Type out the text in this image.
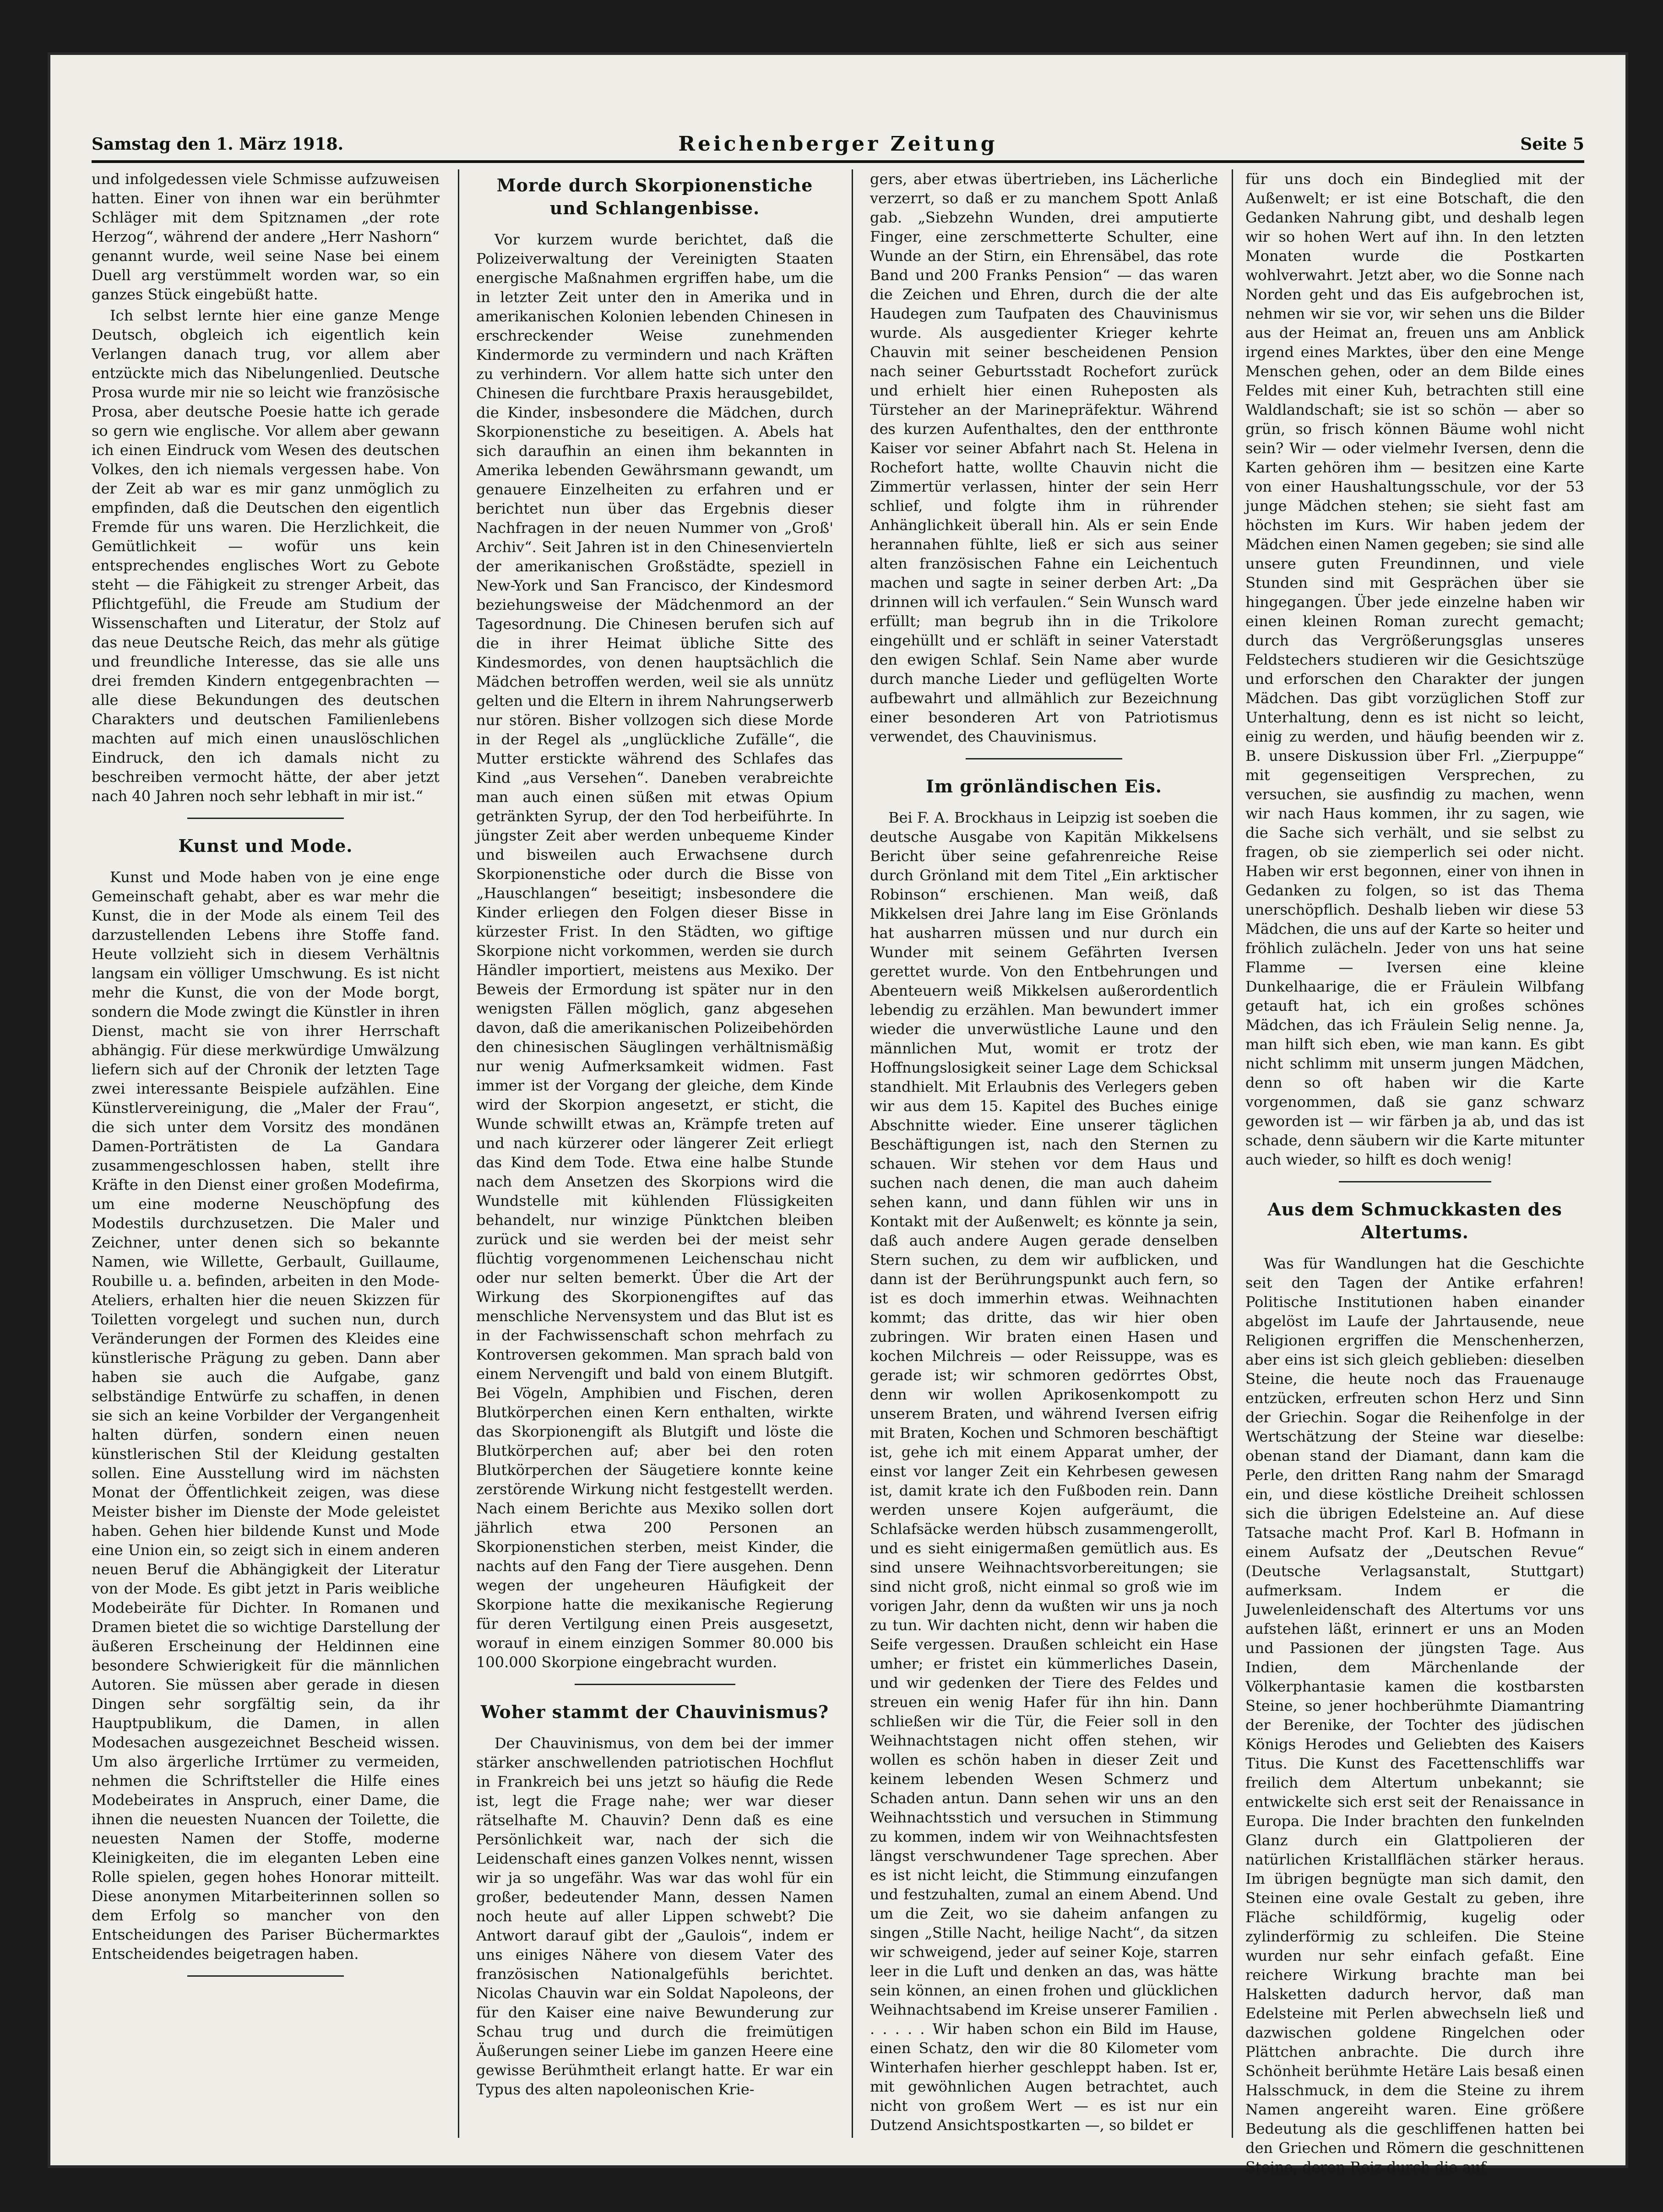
Samstag den 1. März 1918.	Reichenberger Zeitung	Seite 5

und infolgedessen viele Schmisse aufzuweisen hatten. Einer von ihnen war ein berühmter Schläger mit dem Spitznamen „der rote Herzog“, während der andere „Herr Nashorn“ genannt wurde, weil seine Nase bei einem Duell arg verstümmelt worden war, so ein ganzes Stück eingebüßt hatte.

Ich selbst lernte hier eine ganze Menge Deutsch, obgleich ich eigentlich kein Verlangen danach trug, vor allem aber entzückte mich das Nibelungenlied. Deutsche Prosa wurde mir nie so leicht wie französische Prosa, aber deutsche Poesie hatte ich gerade so gern wie englische. Vor allem aber gewann ich einen Eindruck vom Wesen des deutschen Volkes, den ich niemals vergessen habe. Von der Zeit ab war es mir ganz unmöglich zu empfinden, daß die Deutschen den eigentlich Fremde für uns waren. Die Herzlichkeit, die Gemütlichkeit — wofür uns kein entsprechendes englisches Wort zu Gebote steht — die Fähigkeit zu strenger Arbeit, das Pflichtgefühl, die Freude am Studium der Wissenschaften und Literatur, der Stolz auf das neue Deutsche Reich, das mehr als gütige und freundliche Interesse, das sie alle uns drei fremden Kindern entgegenbrachten — alle diese Bekundungen des deutschen Charakters und deutschen Familienlebens machten auf mich einen unauslöschlichen Eindruck, den ich damals nicht zu beschreiben vermocht hätte, der aber jetzt nach 40 Jahren noch sehr lebhaft in mir ist.“

Kunst und Mode.

Kunst und Mode haben von je eine enge Gemeinschaft gehabt, aber es war mehr die Kunst, die in der Mode als einem Teil des darzustellenden Lebens ihre Stoffe fand. Heute vollzieht sich in diesem Verhältnis langsam ein völliger Umschwung. Es ist nicht mehr die Kunst, die von der Mode borgt, sondern die Mode zwingt die Künstler in ihren Dienst, macht sie von ihrer Herrschaft abhängig. Für diese merkwürdige Umwälzung liefern sich auf der Chronik der letzten Tage zwei interessante Beispiele aufzählen. Eine Künstlervereinigung, die „Maler der Frau“, die sich unter dem Vorsitz des mondänen Damen-Porträtisten de La Gandara zusammengeschlossen haben, stellt ihre Kräfte in den Dienst einer großen Modefirma, um eine moderne Neuschöpfung des Modestils durchzusetzen. Die Maler und Zeichner, unter denen sich so bekannte Namen, wie Willette, Gerbault, Guillaume, Roubille u. a. befinden, arbeiten in den Mode-Ateliers, erhalten hier die neuen Skizzen für Toiletten vorgelegt und suchen nun, durch Veränderungen der Formen des Kleides eine künstlerische Prägung zu geben. Dann aber haben sie auch die Aufgabe, ganz selbständige Entwürfe zu schaffen, in denen sie sich an keine Vorbilder der Vergangenheit halten dürfen, sondern einen neuen künstlerischen Stil der Kleidung gestalten sollen. Eine Ausstellung wird im nächsten Monat der Öffentlichkeit zeigen, was diese Meister bisher im Dienste der Mode geleistet haben. Gehen hier bildende Kunst und Mode eine Union ein, so zeigt sich in einem anderen neuen Beruf die Abhängigkeit der Literatur von der Mode. Es gibt jetzt in Paris weibliche Modebeiräte für Dichter. In Romanen und Dramen bietet die so wichtige Darstellung der äußeren Erscheinung der Heldinnen eine besondere Schwierigkeit für die männlichen Autoren. Sie müssen aber gerade in diesen Dingen sehr sorgfältig sein, da ihr Hauptpublikum, die Damen, in allen Modesachen ausgezeichnet Bescheid wissen. Um also ärgerliche Irrtümer zu vermeiden, nehmen die Schriftsteller die Hilfe eines Modebeirates in Anspruch, einer Dame, die ihnen die neuesten Nuancen der Toilette, die neuesten Namen der Stoffe, moderne Kleinigkeiten, die im eleganten Leben eine Rolle spielen, gegen hohes Honorar mitteilt. Diese anonymen Mitarbeiterinnen sollen so dem Erfolg so mancher von den Entscheidungen des Pariser Büchermarktes Entscheidendes beigetragen haben.

Morde durch Skorpionenstiche
und Schlangenbisse.

Vor kurzem wurde berichtet, daß die Polizeiverwaltung der Vereinigten Staaten energische Maßnahmen ergriffen habe, um die in letzter Zeit unter den in Amerika und in amerikanischen Kolonien lebenden Chinesen in erschreckender Weise zunehmenden Kindermorde zu vermindern und nach Kräften zu verhindern. Vor allem hatte sich unter den Chinesen die furchtbare Praxis herausgebildet, die Kinder, insbesondere die Mädchen, durch Skorpionenstiche zu beseitigen. A. Abels hat sich daraufhin an einen ihm bekannten in Amerika lebenden Gewährsmann gewandt, um genauere Einzelheiten zu erfahren und er berichtet nun über das Ergebnis dieser Nachfragen in der neuen Nummer von „Groß' Archiv“. Seit Jahren ist in den Chinesenvierteln der amerikanischen Großstädte, speziell in New-York und San Francisco, der Kindesmord beziehungsweise der Mädchenmord an der Tagesordnung. Die Chinesen berufen sich auf die in ihrer Heimat übliche Sitte des Kindesmordes, von denen hauptsächlich die Mädchen betroffen werden, weil sie als unnütz gelten und die Eltern in ihrem Nahrungserwerb nur stören. Bisher vollzogen sich diese Morde in der Regel als „unglückliche Zufälle“, die Mutter erstickte während des Schlafes das Kind „aus Versehen“. Daneben verabreichte man auch einen süßen mit etwas Opium getränkten Syrup, der den Tod herbeiführte. In jüngster Zeit aber werden unbequeme Kinder und bisweilen auch Erwachsene durch Skorpionenstiche oder durch die Bisse von „Hauschlangen“ beseitigt; insbesondere die Kinder erliegen den Folgen dieser Bisse in kürzester Frist. In den Städten, wo giftige Skorpione nicht vorkommen, werden sie durch Händler importiert, meistens aus Mexiko. Der Beweis der Ermordung ist später nur in den wenigsten Fällen möglich, ganz abgesehen davon, daß die amerikanischen Polizeibehörden den chinesischen Säuglingen verhältnismäßig nur wenig Aufmerksamkeit widmen. Fast immer ist der Vorgang der gleiche, dem Kinde wird der Skorpion angesetzt, er sticht, die Wunde schwillt etwas an, Krämpfe treten auf und nach kürzerer oder längerer Zeit erliegt das Kind dem Tode. Etwa eine halbe Stunde nach dem Ansetzen des Skorpions wird die Wundstelle mit kühlenden Flüssigkeiten behandelt, nur winzige Pünktchen bleiben zurück und sie werden bei der meist sehr flüchtig vorgenommenen Leichenschau nicht oder nur selten bemerkt. Über die Art der Wirkung des Skorpionengiftes auf das menschliche Nervensystem und das Blut ist es in der Fachwissenschaft schon mehrfach zu Kontroversen gekommen. Man sprach bald von einem Nervengift und bald von einem Blutgift. Bei Vögeln, Amphibien und Fischen, deren Blutkörperchen einen Kern enthalten, wirkte das Skorpionengift als Blutgift und löste die Blutkörperchen auf; aber bei den roten Blutkörperchen der Säugetiere konnte keine zerstörende Wirkung nicht festgestellt werden. Nach einem Berichte aus Mexiko sollen dort jährlich etwa 200 Personen an Skorpionenstichen sterben, meist Kinder, die nachts auf den Fang der Tiere ausgehen. Denn wegen der ungeheuren Häufigkeit der Skorpione hatte die mexikanische Regierung für deren Vertilgung einen Preis ausgesetzt, worauf in einem einzigen Sommer 80.000 bis 100.000 Skorpione eingebracht wurden.

Woher stammt der Chauvinismus?

Der Chauvinismus, von dem bei der immer stärker anschwellenden patriotischen Hochflut in Frankreich bei uns jetzt so häufig die Rede ist, legt die Frage nahe; wer war dieser rätselhafte M. Chauvin? Denn daß es eine Persönlichkeit war, nach der sich die Leidenschaft eines ganzen Volkes nennt, wissen wir ja so ungefähr. Was war das wohl für ein großer, bedeutender Mann, dessen Namen noch heute auf aller Lippen schwebt? Die Antwort darauf gibt der „Gaulois“, indem er uns einiges Nähere von diesem Vater des französischen Nationalgefühls berichtet. Nicolas Chauvin war ein Soldat Napoleons, der für den Kaiser eine naive Bewunderung zur Schau trug und durch die freimütigen Äußerungen seiner Liebe im ganzen Heere eine gewisse Berühmtheit erlangt hatte. Er war ein Typus des alten napoleonischen Krie-

gers, aber etwas übertrieben, ins Lächerliche verzerrt, so daß er zu manchem Spott Anlaß gab. „Siebzehn Wunden, drei amputierte Finger, eine zerschmetterte Schulter, eine Wunde an der Stirn, ein Ehrensäbel, das rote Band und 200 Franks Pension“ — das waren die Zeichen und Ehren, durch die der alte Haudegen zum Taufpaten des Chauvinismus wurde. Als ausgedienter Krieger kehrte Chauvin mit seiner bescheidenen Pension nach seiner Geburtsstadt Rochefort zurück und erhielt hier einen Ruheposten als Türsteher an der Marinepräfektur. Während des kurzen Aufenthaltes, den der entthronte Kaiser vor seiner Abfahrt nach St. Helena in Rochefort hatte, wollte Chauvin nicht die Zimmertür verlassen, hinter der sein Herr schlief, und folgte ihm in rührender Anhänglichkeit überall hin. Als er sein Ende herannahen fühlte, ließ er sich aus seiner alten französischen Fahne ein Leichentuch machen und sagte in seiner derben Art: „Da drinnen will ich verfaulen.“ Sein Wunsch ward erfüllt; man begrub ihn in die Trikolore eingehüllt und er schläft in seiner Vaterstadt den ewigen Schlaf. Sein Name aber wurde durch manche Lieder und geflügelten Worte aufbewahrt und allmählich zur Bezeichnung einer besonderen Art von Patriotismus verwendet, des Chauvinismus.

Im grönländischen Eis.

Bei F. A. Brockhaus in Leipzig ist soeben die deutsche Ausgabe von Kapitän Mikkelsens Bericht über seine gefahrenreiche Reise durch Grönland mit dem Titel „Ein arktischer Robinson“ erschienen. Man weiß, daß Mikkelsen drei Jahre lang im Eise Grönlands hat ausharren müssen und nur durch ein Wunder mit seinem Gefährten Iversen gerettet wurde. Von den Entbehrungen und Abenteuern weiß Mikkelsen außerordentlich lebendig zu erzählen. Man bewundert immer wieder die unverwüstliche Laune und den männlichen Mut, womit er trotz der Hoffnungslosigkeit seiner Lage dem Schicksal standhielt. Mit Erlaubnis des Verlegers geben wir aus dem 15. Kapitel des Buches einige Abschnitte wieder. Eine unserer täglichen Beschäftigungen ist, nach den Sternen zu schauen. Wir stehen vor dem Haus und suchen nach denen, die man auch daheim sehen kann, und dann fühlen wir uns in Kontakt mit der Außenwelt; es könnte ja sein, daß auch andere Augen gerade denselben Stern suchen, zu dem wir aufblicken, und dann ist der Berührungspunkt auch fern, so ist es doch immerhin etwas. Weihnachten kommt; das dritte, das wir hier oben zubringen. Wir braten einen Hasen und kochen Milchreis — oder Reissuppe, was es gerade ist; wir schmoren gedörrtes Obst, denn wir wollen Aprikosenkompott zu unserem Braten, und während Iversen eifrig mit Braten, Kochen und Schmoren beschäftigt ist, gehe ich mit einem Apparat umher, der einst vor langer Zeit ein Kehrbesen gewesen ist, damit krate ich den Fußboden rein. Dann werden unsere Kojen aufgeräumt, die Schlafsäcke werden hübsch zusammengerollt, und es sieht einigermaßen gemütlich aus. Es sind unsere Weihnachtsvorbereitungen; sie sind nicht groß, nicht einmal so groß wie im vorigen Jahr, denn da wußten wir uns ja noch zu tun. Wir dachten nicht, denn wir haben die Seife vergessen. Draußen schleicht ein Hase umher; er fristet ein kümmerliches Dasein, und wir gedenken der Tiere des Feldes und streuen ein wenig Hafer für ihn hin. Dann schließen wir die Tür, die Feier soll in den Weihnachtstagen nicht offen stehen, wir wollen es schön haben in dieser Zeit und keinem lebenden Wesen Schmerz und Schaden antun. Dann sehen wir uns an den Weihnachtsstich und versuchen in Stimmung zu kommen, indem wir von Weihnachtsfesten längst verschwundener Tage sprechen. Aber es ist nicht leicht, die Stimmung einzufangen und festzuhalten, zumal an einem Abend. Und um die Zeit, wo sie daheim anfangen zu singen „Stille Nacht, heilige Nacht“, da sitzen wir schweigend, jeder auf seiner Koje, starren leer in die Luft und denken an das, was hätte sein können, an einen frohen und glücklichen Weihnachtsabend im Kreise unserer Familien . . . . . . Wir haben schon ein Bild im Hause, einen Schatz, den wir die 80 Kilometer vom Winterhafen hierher geschleppt haben. Ist er, mit gewöhnlichen Augen betrachtet, auch nicht von großem Wert — es ist nur ein Dutzend Ansichtspostkarten —, so bildet er

für uns doch ein Bindeglied mit der Außenwelt; er ist eine Botschaft, die den Gedanken Nahrung gibt, und deshalb legen wir so hohen Wert auf ihn. In den letzten Monaten wurde die Postkarten wohlverwahrt. Jetzt aber, wo die Sonne nach Norden geht und das Eis aufgebrochen ist, nehmen wir sie vor, wir sehen uns die Bilder aus der Heimat an, freuen uns am Anblick irgend eines Marktes, über den eine Menge Menschen gehen, oder an dem Bilde eines Feldes mit einer Kuh, betrachten still eine Waldlandschaft; sie ist so schön — aber so grün, so frisch können Bäume wohl nicht sein? Wir — oder vielmehr Iversen, denn die Karten gehören ihm — besitzen eine Karte von einer Haushaltungsschule, vor der 53 junge Mädchen stehen; sie sieht fast am höchsten im Kurs. Wir haben jedem der Mädchen einen Namen gegeben; sie sind alle unsere guten Freundinnen, und viele Stunden sind mit Gesprächen über sie hingegangen. Über jede einzelne haben wir einen kleinen Roman zurecht gemacht; durch das Vergrößerungsglas unseres Feldstechers studieren wir die Gesichtszüge und erforschen den Charakter der jungen Mädchen. Das gibt vorzüglichen Stoff zur Unterhaltung, denn es ist nicht so leicht, einig zu werden, und häufig beenden wir z. B. unsere Diskussion über Frl. „Zierpuppe“ mit gegenseitigen Versprechen, zu versuchen, sie ausfindig zu machen, wenn wir nach Haus kommen, ihr zu sagen, wie die Sache sich verhält, und sie selbst zu fragen, ob sie ziemperlich sei oder nicht. Haben wir erst begonnen, einer von ihnen in Gedanken zu folgen, so ist das Thema unerschöpflich. Deshalb lieben wir diese 53 Mädchen, die uns auf der Karte so heiter und fröhlich zulächeln. Jeder von uns hat seine Flamme — Iversen eine kleine Dunkelhaarige, die er Fräulein Wilbfang getauft hat, ich ein großes schönes Mädchen, das ich Fräulein Selig nenne. Ja, man hilft sich eben, wie man kann. Es gibt nicht schlimm mit unserm jungen Mädchen, denn so oft haben wir die Karte vorgenommen, daß sie ganz schwarz geworden ist — wir färben ja ab, und das ist schade, denn säubern wir die Karte mitunter auch wieder, so hilft es doch wenig!

Aus dem Schmuckkasten des Altertums.

Was für Wandlungen hat die Geschichte seit den Tagen der Antike erfahren! Politische Institutionen haben einander abgelöst im Laufe der Jahrtausende, neue Religionen ergriffen die Menschenherzen, aber eins ist sich gleich geblieben: dieselben Steine, die heute noch das Frauenauge entzücken, erfreuten schon Herz und Sinn der Griechin. Sogar die Reihenfolge in der Wertschätzung der Steine war dieselbe: obenan stand der Diamant, dann kam die Perle, den dritten Rang nahm der Smaragd ein, und diese köstliche Dreiheit schlossen sich die übrigen Edelsteine an. Auf diese Tatsache macht Prof. Karl B. Hofmann in einem Aufsatz der „Deutschen Revue“ (Deutsche Verlagsanstalt, Stuttgart) aufmerksam. Indem er die Juwelenleidenschaft des Altertums vor uns aufstehen läßt, erinnert er uns an Moden und Passionen der jüngsten Tage. Aus Indien, dem Märchenlande der Völkerphantasie kamen die kostbarsten Steine, so jener hochberühmte Diamantring der Berenike, der Tochter des jüdischen Königs Herodes und Geliebten des Kaisers Titus. Die Kunst des Facettenschliffs war freilich dem Altertum unbekannt; sie entwickelte sich erst seit der Renaissance in Europa. Die Inder brachten den funkelnden Glanz durch ein Glattpolieren der natürlichen Kristallflächen stärker heraus. Im übrigen begnügte man sich damit, den Steinen eine ovale Gestalt zu geben, ihre Fläche schildförmig, kugelig oder zylinderförmig zu schleifen. Die Steine wurden nur sehr einfach gefaßt. Eine reichere Wirkung brachte man bei Halsketten dadurch hervor, daß man Edelsteine mit Perlen abwechseln ließ und dazwischen goldene Ringelchen oder Plättchen anbrachte. Die durch ihre Schönheit berühmte Hetäre Lais besaß einen Halsschmuck, in dem die Steine zu ihrem Namen angereiht waren. Eine größere Bedeutung als die geschliffenen hatten bei den Griechen und Römern die geschnittenen Steine, deren Reiz durch die auf
